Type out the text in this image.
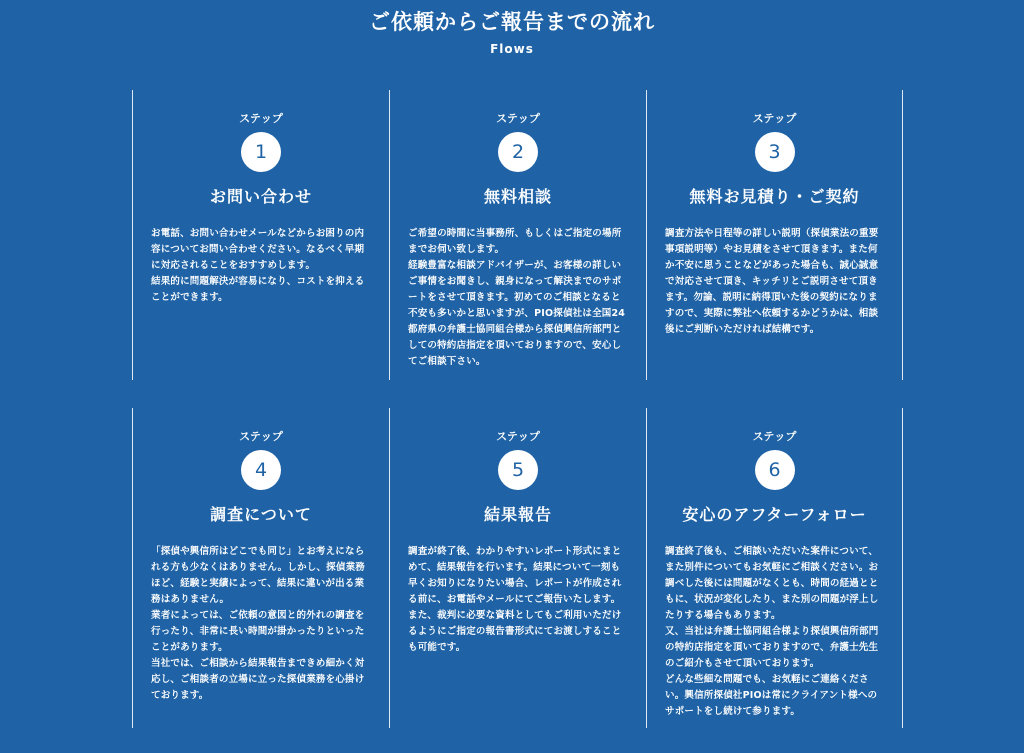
ご依頼からご報告までの流れ
Flows
ステップ
1
お問い合わせ
お電話、お問い合わせメールなどからお困りの内容についてお問い合わせください。なるべく早期に対応されることをおすすめします。
結果的に問題解決が容易になり、コストを抑えることができます。
ステップ
2
無料相談
ご希望の時間に当事務所、もしくはご指定の場所までお伺い致します。
経験豊富な相談アドバイザーが、お客様の詳しいご事情をお聞きし、親身になって解決までのサポートをさせて頂きます。初めてのご相談となると不安も多いかと思いますが、PIO探偵社は全国24都府県の弁護士協同組合様から探偵興信所部門としての特約店指定を頂いておりますので、安心してご相談下さい。
ステップ
3
無料お見積り・ご契約
調査方法や日程等の詳しい説明（探偵業法の重要事項説明等）やお見積をさせて頂きます。また何か不安に思うことなどがあった場合も、誠心誠意で対応させて頂き、キッチリとご説明させて頂きます。勿論、説明に納得頂いた後の契約になりますので、実際に弊社へ依頼するかどうかは、相談後にご判断いただければ結構です。
ステップ
4
調査について
「探偵や興信所はどこでも同じ」とお考えになられる方も少なくはありません。しかし、探偵業務ほど、経験と実績によって、結果に違いが出る業務はありません。
業者によっては、ご依頼の意図と的外れの調査を行ったり、非常に長い時間が掛かったりといったことがあります。
当社では、ご相談から結果報告まできめ細かく対応し、ご相談者の立場に立った探偵業務を心掛けております。
ステップ
5
結果報告
調査が終了後、わかりやすいレポート形式にまとめて、結果報告を行います。結果について一刻も早くお知りになりたい場合、レポートが作成される前に、お電話やメールにてご報告いたします。また、裁判に必要な資料としてもご利用いただけるようにご指定の報告書形式にてお渡しすることも可能です。
ステップ
6
安心のアフターフォロー
調査終了後も、ご相談いただいた案件について、また別件についてもお気軽にご相談ください。お調べした後には問題がなくとも、時間の経過とともに、状況が変化したり、また別の問題が浮上したりする場合もあります。
又、当社は弁護士協同組合様より探偵興信所部門の特約店指定を頂いておりますので、弁護士先生のご紹介もさせて頂いております。
どんな些細な問題でも、お気軽にご連絡ください。興信所探偵社PIOは常にクライアント様へのサポートをし続けて参ります。
